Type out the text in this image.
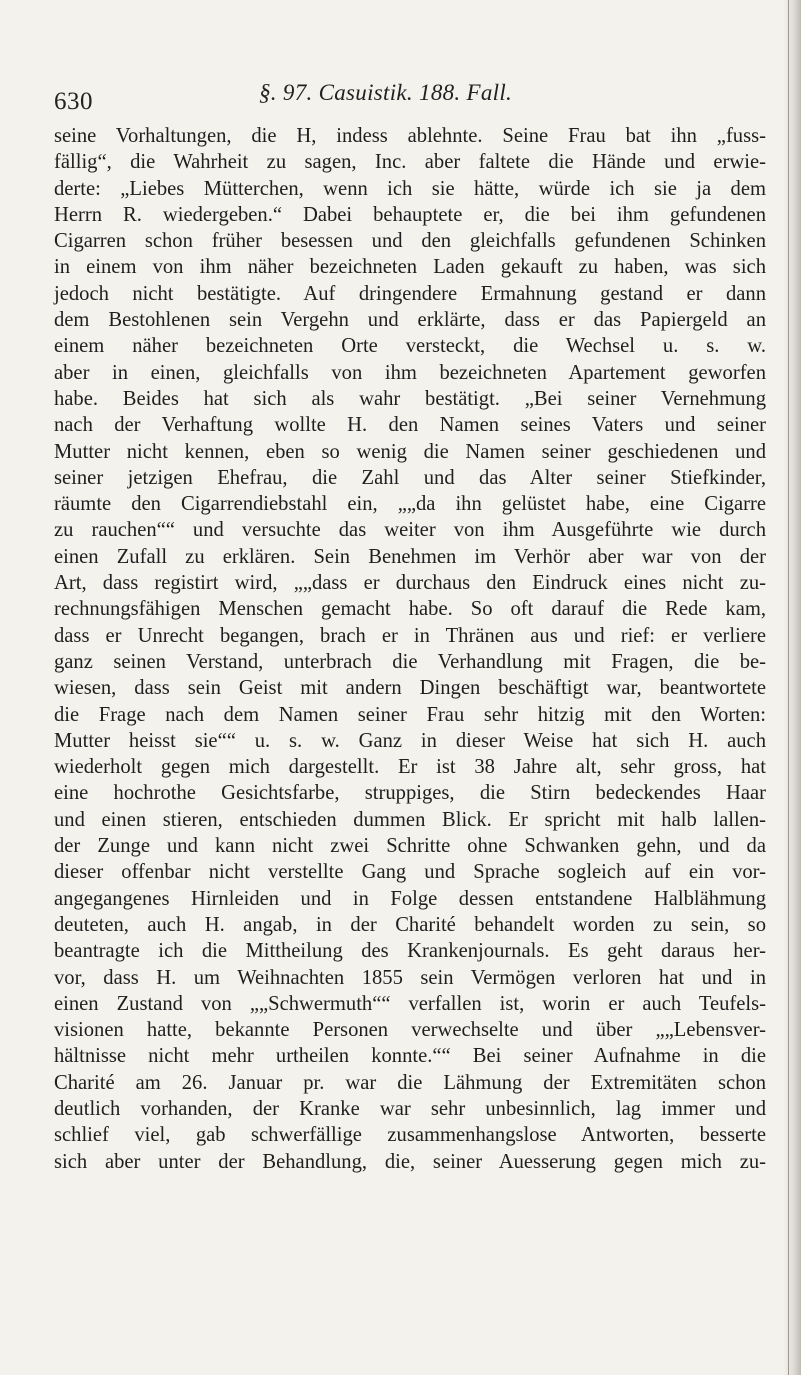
630	§. 97. Casuistik. 188. Fall.
seine Vorhaltungen, die H, indess ablehnte. Seine Frau bat ihn „fuss-
fällig“, die Wahrheit zu sagen, Inc. aber faltete die Hände und erwie-
derte: „Liebes Mütterchen, wenn ich sie hätte, würde ich sie ja dem
Herrn R. wiedergeben.“ Dabei behauptete er, die bei ihm gefundenen
Cigarren schon früher besessen und den gleichfalls gefundenen Schinken
in einem von ihm näher bezeichneten Laden gekauft zu haben, was sich
jedoch nicht bestätigte. Auf dringendere Ermahnung gestand er dann
dem Bestohlenen sein Vergehn und erklärte, dass er das Papiergeld an
einem näher bezeichneten Orte versteckt, die Wechsel u. s. w.
aber in einen, gleichfalls von ihm bezeichneten Apartement geworfen
habe. Beides hat sich als wahr bestätigt. „Bei seiner Vernehmung
nach der Verhaftung wollte H. den Namen seines Vaters und seiner
Mutter nicht kennen, eben so wenig die Namen seiner geschiedenen und
seiner jetzigen Ehefrau, die Zahl und das Alter seiner Stiefkinder,
räumte den Cigarrendiebstahl ein, „„da ihn gelüstet habe, eine Cigarre
zu rauchen““ und versuchte das weiter von ihm Ausgeführte wie durch
einen Zufall zu erklären. Sein Benehmen im Verhör aber war von der
Art, dass registirt wird, „„dass er durchaus den Eindruck eines nicht zu-
rechnungsfähigen Menschen gemacht habe. So oft darauf die Rede kam,
dass er Unrecht begangen, brach er in Thränen aus und rief: er verliere
ganz seinen Verstand, unterbrach die Verhandlung mit Fragen, die be-
wiesen, dass sein Geist mit andern Dingen beschäftigt war, beantwortete
die Frage nach dem Namen seiner Frau sehr hitzig mit den Worten:
Mutter heisst sie““ u. s. w. Ganz in dieser Weise hat sich H. auch
wiederholt gegen mich dargestellt. Er ist 38 Jahre alt, sehr gross, hat
eine hochrothe Gesichtsfarbe, struppiges, die Stirn bedeckendes Haar
und einen stieren, entschieden dummen Blick. Er spricht mit halb lallen-
der Zunge und kann nicht zwei Schritte ohne Schwanken gehn, und da
dieser offenbar nicht verstellte Gang und Sprache sogleich auf ein vor-
angegangenes Hirnleiden und in Folge dessen entstandene Halblähmung
deuteten, auch H. angab, in der Charité behandelt worden zu sein, so
beantragte ich die Mittheilung des Krankenjournals. Es geht daraus her-
vor, dass H. um Weihnachten 1855 sein Vermögen verloren hat und in
einen Zustand von „„Schwermuth““ verfallen ist, worin er auch Teufels-
visionen hatte, bekannte Personen verwechselte und über „„Lebensver-
hältnisse nicht mehr urtheilen konnte.““ Bei seiner Aufnahme in die
Charité am 26. Januar pr. war die Lähmung der Extremitäten schon
deutlich vorhanden, der Kranke war sehr unbesinnlich, lag immer und
schlief viel, gab schwerfällige zusammenhangslose Antworten, besserte
sich aber unter der Behandlung, die, seiner Auesserung gegen mich zu-
